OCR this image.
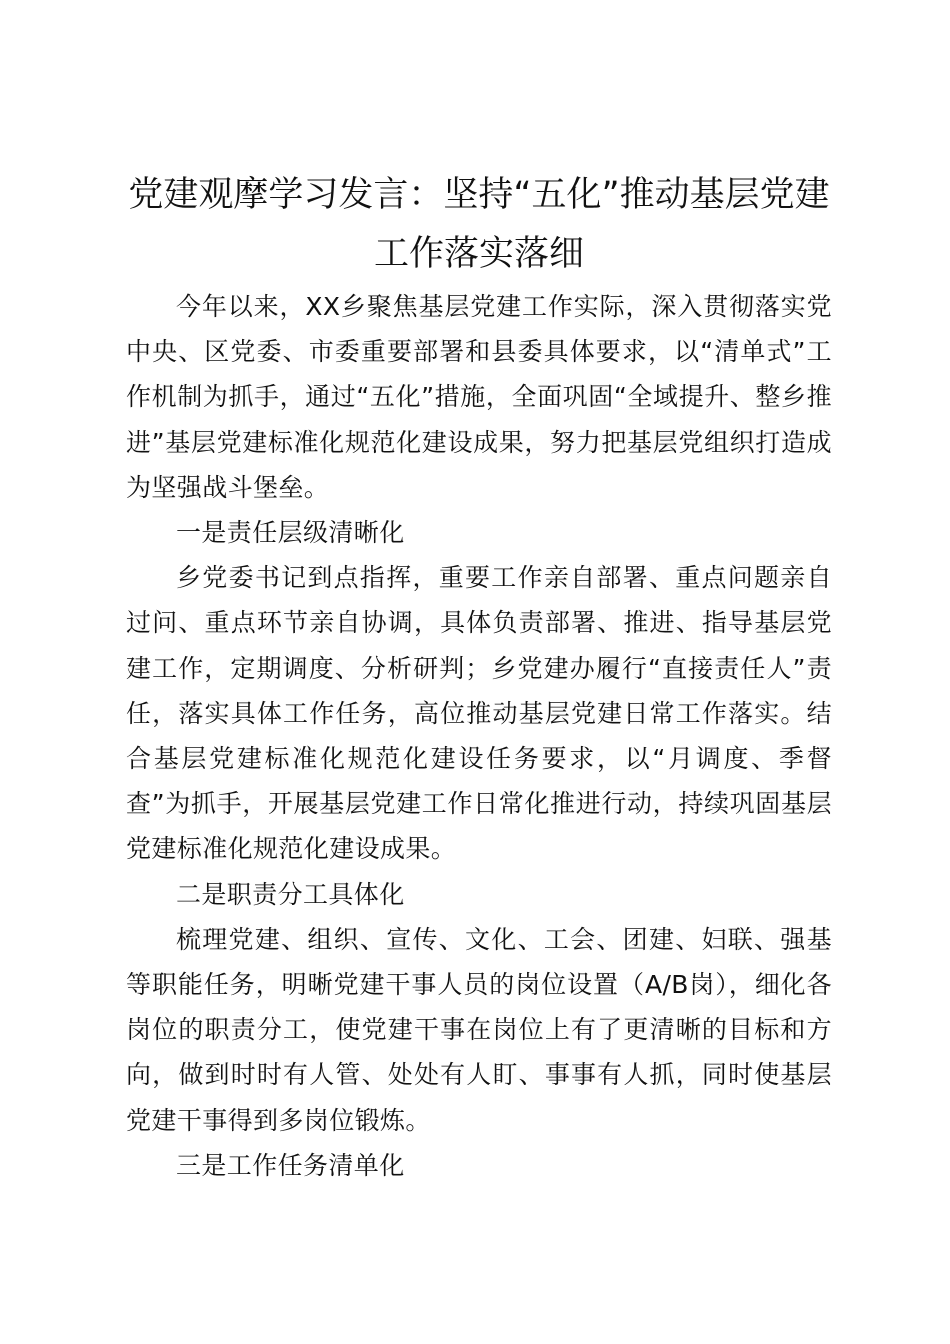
党建观摩学习发言：坚持“五化”推动基层党建
工作落实落细

今年以来，XX乡聚焦基层党建工作实际，深入贯彻落实党中央、区党委、市委重要部署和县委具体要求，以“清单式”工作机制为抓手，通过“五化”措施，全面巩固“全域提升、整乡推进”基层党建标准化规范化建设成果，努力把基层党组织打造成为坚强战斗堡垒。

一是责任层级清晰化

乡党委书记到点指挥，重要工作亲自部署、重点问题亲自过问、重点环节亲自协调，具体负责部署、推进、指导基层党建工作，定期调度、分析研判；乡党建办履行“直接责任人”责任，落实具体工作任务，高位推动基层党建日常工作落实。结合基层党建标准化规范化建设任务要求，以“月调度、季督查”为抓手，开展基层党建工作日常化推进行动，持续巩固基层党建标准化规范化建设成果。

二是职责分工具体化

梳理党建、组织、宣传、文化、工会、团建、妇联、强基等职能任务，明晰党建干事人员的岗位设置（A/B岗），细化各岗位的职责分工，使党建干事在岗位上有了更清晰的目标和方向，做到时时有人管、处处有人盯、事事有人抓，同时使基层党建干事得到多岗位锻炼。

三是工作任务清单化
